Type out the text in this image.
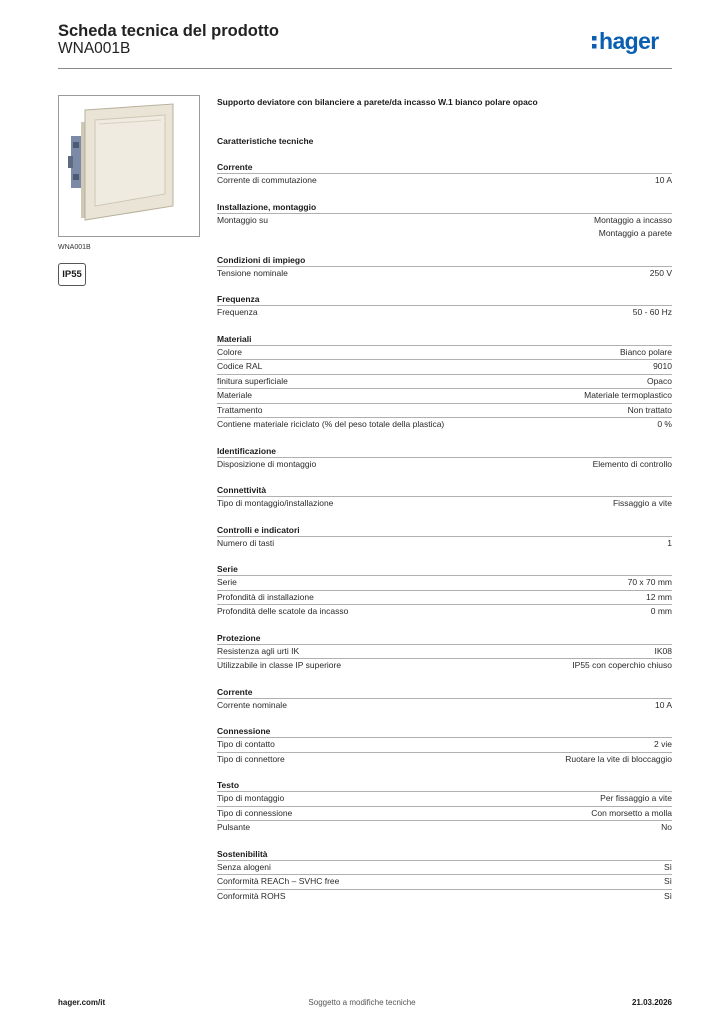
Scheda tecnica del prodotto
WNA001B	hager
WNA001B
IP55
Supporto deviatore con bilanciere a parete/da incasso W.1 bianco polare opaco
Caratteristiche tecniche
Corrente
Corrente di commutazione	10 A
Installazione, montaggio
Montaggio su	Montaggio a incasso
Montaggio a parete
Condizioni di impiego
Tensione nominale	250 V
Frequenza
Frequenza	50 - 60 Hz
Materiali
Colore	Bianco polare
Codice RAL	9010
finitura superficiale	Opaco
Materiale	Materiale termoplastico
Trattamento	Non trattato
Contiene materiale riciclato (% del peso totale della plastica)	0 %
Identificazione
Disposizione di montaggio	Elemento di controllo
Connettività
Tipo di montaggio/installazione	Fissaggio a vite
Controlli e indicatori
Numero di tasti	1
Serie
Serie	70 x 70 mm
Profondità di installazione	12 mm
Profondità delle scatole da incasso	0 mm
Protezione
Resistenza agli urti IK	IK08
Utilizzabile in classe IP superiore	IP55 con coperchio chiuso
Corrente
Corrente nominale	10 A
Connessione
Tipo di contatto	2 vie
Tipo di connettore	Ruotare la vite di bloccaggio
Testo
Tipo di montaggio	Per fissaggio a vite
Tipo di connessione	Con morsetto a molla
Pulsante	No
Sostenibilità
Senza alogeni	Sì
Conformità REACh – SVHC free	Sì
Conformità ROHS	Sì
hager.com/it	Soggetto a modifiche tecniche	21.03.2026
